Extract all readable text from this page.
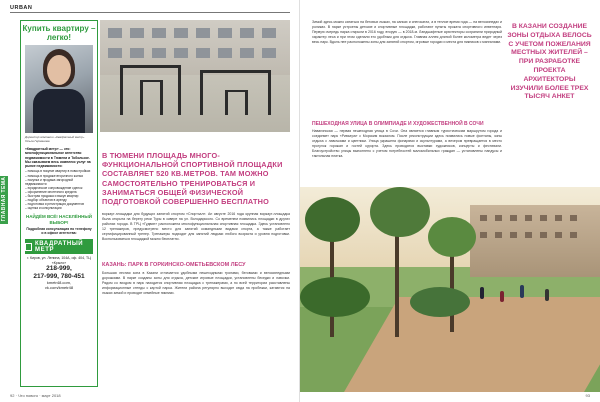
URBAN
ГЛАВНАЯ ТЕМА
Купить квартиру – легко!
Директор компании «Квадратный метр» Ольга Германова
«Квадратный метр» — это: многофункциональное агентство недвижимости в Тюмени и Тобольске. Мы оказываем весь комплекс услуг на рынке недвижимости:
– помощь в покупке квартир в новостройках
– помощь в продаже вторичного жилья
– покупка и продажа загородной недвижимости
– юридическое сопровождение сделок
– оформление ипотечного кредита
– быстрая продажа и выкуп квартир
– подбор объектов в аренду
– подготовка и регистрация документов
– оценка и консультации
НАЙДЁМ ВСЁ! НАСЕЛЁННЫЙ ВЫБОР!
Подробная консультация по телефону и в офисе агентства:
КВАДРАТНЫЙ МЕТР
г. Киров, ул. Ленина, 104А, оф. 404, ТЦ «Крыло»
218-999,
217-999, 780-451
kmetr48.com,
vk.com/kmetr48
В ТЮМЕНИ ПЛОЩАДЬ МНОГО-ФУНКЦИОНАЛЬНОЙ СПОРТИВНОЙ ПЛОЩАДКИ СОСТАВЛЯЕТ 520 КВ.МЕТРОВ. ТАМ МОЖНО САМОСТОЯТЕЛЬНО ТРЕНИРОВАТЬСЯ И ЗАНИМАТЬСЯ ОБЩЕЙ ФИЗИЧЕСКОЙ ПОДГОТОВКОЙ СОВЕРШЕННО БЕСПЛАТНО
воркаут-площадки для будущих занятий спортом «Спортзал». Ан августе 2016 года крупная воркаут-площадка была открыта на берегу реки Туры в сквере на ул. Володарского. Со временем появились площадки в других районах города. В ТРЦ «Гудвин» расположена многофункциональная спортивная площадка. Здесь установлено 12 тренажеров, предусмотрено место для занятий командными видами спорта, а также работает сертифицированный тренер. Тренажеры подходят для занятий людьми любого возраста и уровня подготовки. Воспользоваться площадкой можно бесплатно.
КАЗАНЬ: ПАРК В ГОРКИНСКО-ОМЕТЬЕВСКОМ ЛЕСУ
Большая лесная зона в Казани отличается удобными пешеходными тропами, беговыми и велосипедными дорожками. В парке созданы зоны для отдыха, детские игровые площадки, установлены беседки и лавочки. Рядом со входом в парк находится спортивная площадка с тренажерами, а по всей территории расставлены информационные стенды с картой парка. Жители района регулярно выходят сюда на пробежки, катаются на лыжах зимой и проводят семейные пикники.
92 · Что нового · март 2018
Зимой здесь можно кататься на беговых лыжах, на санках и снегокатах, а в теплое время года — на велосипедах и роликах. В парке устроены детские и спортивные площадки, работают пункты проката спортивного инвентаря. Первую очередь парка открыли в 2016 году, вторую — в 2018-м. Ландшафтные архитекторы сохранили природный характер леса и при этом сделали его удобным для отдыха. Главная аллея длиной более километра ведет через весь парк. Вдоль нее расположены зоны для занятий спортом, игровые городки и места для пикников с мангалами.
В КАЗАНИ СОЗДАНИЕ ЗОНЫ ОТДЫХА ВЕЛОСЬ С УЧЕТОМ ПОЖЕЛАНИЯ МЕСТНЫХ ЖИТЕЛЕЙ – ПРИ РАЗРАБОТКЕ ПРОЕКТА АРХИТЕКТОРЫ ИЗУЧИЛИ БОЛЕЕ ТРЕХ ТЫСЯЧ АНКЕТ
ПЕШЕХОДНАЯ УЛИЦА В ОЛИМПИАДЕ И ХУДОЖЕСТВЕННОЙ В СОЧИ
Навагинская — первая пешеходная улица в Сочи. Она является главным туристическим маршрутом города и соединяет парк «Ривьера» с Морским вокзалом. После реконструкции здесь появились новые фонтаны, зоны отдыха с лавочками и цветники. Улица украшена фонарями и скульптурами, а вечером превращается в место прогулок горожан и гостей курорта. Здесь проводятся выставки художников, концерты и фестивали. Благоустройство улицы выполнено с учетом потребностей маломобильных граждан — установлены пандусы и тактильная плитка.
93
